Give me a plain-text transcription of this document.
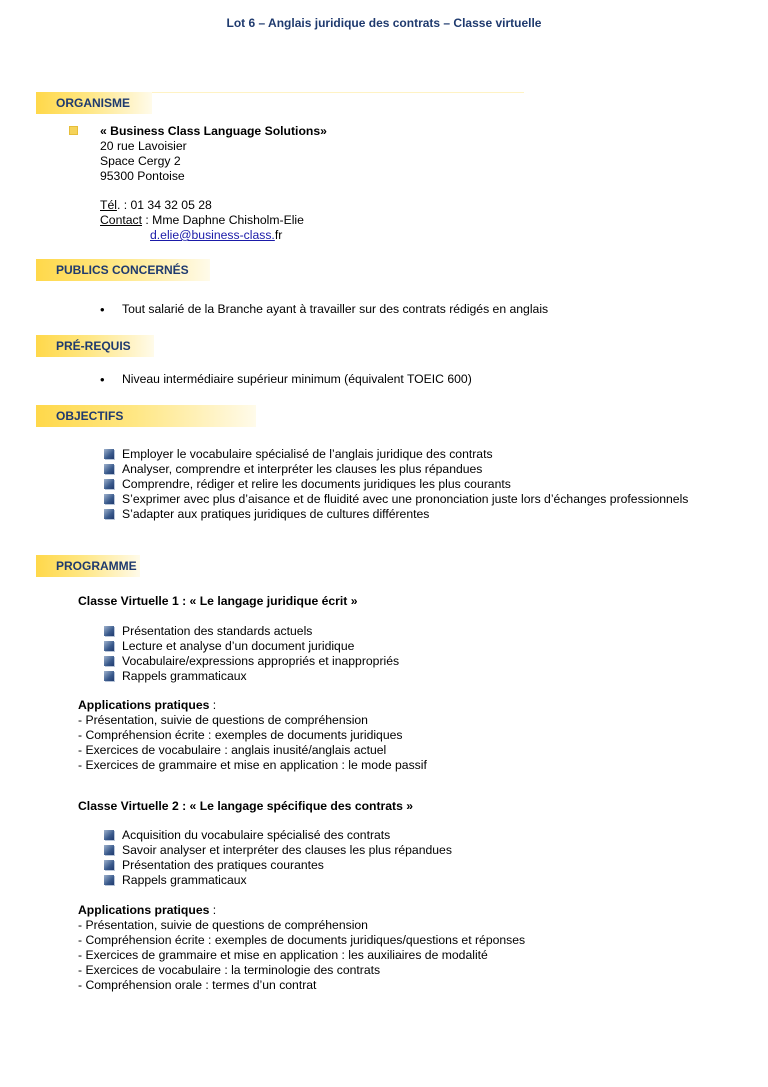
Lot 6 – Anglais juridique des contrats – Classe virtuelle
ORGANISME
« Business Class Language Solutions»
20 rue Lavoisier
Space Cergy 2
95300 Pontoise
Tél. : 01 34 32 05 28
Contact : Mme Daphne Chisholm-Elie
d.elie@business-class.fr
PUBLICS CONCERNÉS
• Tout salarié de la Branche ayant à travailler sur des contrats rédigés en anglais
PRÉ-REQUIS
• Niveau intermédiaire supérieur minimum (équivalent TOEIC 600)
OBJECTIFS
Employer le vocabulaire spécialisé de l’anglais juridique des contrats
Analyser, comprendre et interpréter les clauses les plus répandues
Comprendre, rédiger et relire les documents juridiques les plus courants
S’exprimer avec plus d’aisance et de fluidité avec une prononciation juste lors d’échanges professionnels
S’adapter aux pratiques juridiques de cultures différentes
PROGRAMME
Classe Virtuelle 1 : « Le langage juridique écrit »
Présentation des standards actuels
Lecture et analyse d’un document juridique
Vocabulaire/expressions appropriés et inappropriés
Rappels grammaticaux
Applications pratiques :
- Présentation, suivie de questions de compréhension
- Compréhension écrite : exemples de documents juridiques
- Exercices de vocabulaire : anglais inusité/anglais actuel
- Exercices de grammaire et mise en application : le mode passif
Classe Virtuelle 2 : « Le langage spécifique des contrats »
Acquisition du vocabulaire spécialisé des contrats
Savoir analyser et interpréter des clauses les plus répandues
Présentation des pratiques courantes
Rappels grammaticaux
Applications pratiques :
- Présentation, suivie de questions de compréhension
- Compréhension écrite : exemples de documents juridiques/questions et réponses
- Exercices de grammaire et mise en application : les auxiliaires de modalité
- Exercices de vocabulaire : la terminologie des contrats
- Compréhension orale : termes d’un contrat
